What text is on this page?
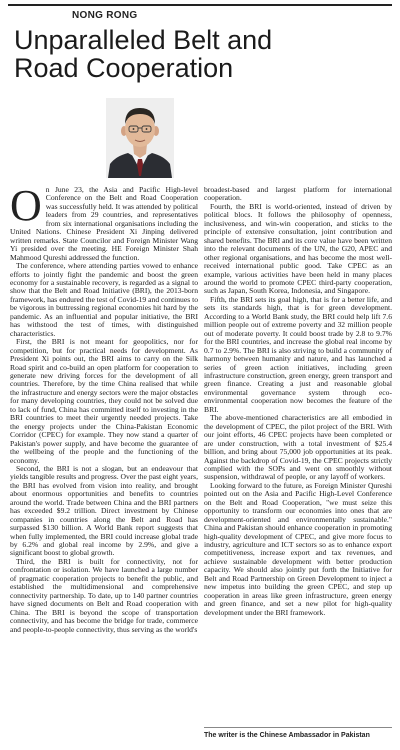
NONG RONG
Unparalleled Belt and
Road Cooperation

On June 23, the Asia and Pacific High-level Conference on the Belt and Road Cooperation was successfully held. It was attended by political leaders from 29 countries, and representatives from six international organisations including the United Nations. Chinese President Xi Jinping delivered written remarks. State Councilor and Foreign Minister Wang Yi presided over the meeting. HE Foreign Minister Shah Mahmood Qureshi addressed the function.

The conference, where attending parties vowed to enhance efforts to jointly fight the pandemic and boost the green economy for a sustainable recovery, is regarded as a signal to show that the Belt and Road Initiative (BRI), the 2013-born framework, has endured the test of Covid-19 and continues to be vigorous in buttressing regional economies hit hard by the pandemic. As an influential and popular initiative, the BRI has withstood the test of times, with distinguished characteristics.

First, the BRI is not meant for geopolitics, nor for competition, but for practical needs for development. As President Xi points out, the BRI aims to carry on the Silk Road spirit and co-build an open platform for cooperation to generate new driving forces for the development of all countries. Therefore, by the time China realised that while the infrastructure and energy sectors were the major obstacles for many developing countries, they could not be solved due to lack of fund, China has committed itself to investing in the BRI countries to meet their urgently needed projects. Take the energy projects under the China-Pakistan Economic Corridor (CPEC) for example. They now stand a quarter of Pakistan's power supply, and have become the guarantee of the wellbeing of the people and the functioning of the economy.

Second, the BRI is not a slogan, but an endeavour that yields tangible results and progress. Over the past eight years, the BRI has evolved from vision into reality, and brought about enormous opportunities and benefits to countries around the world. Trade between China and the BRI partners has exceeded $9.2 trillion. Direct investment by Chinese companies in countries along the Belt and Road has surpassed $130 billion. A World Bank report suggests that when fully implemented, the BRI could increase global trade by 6.2% and global real income by 2.9%, and give a significant boost to global growth.

Third, the BRI is built for connectivity, not for confrontation or isolation. We have launched a large number of pragmatic cooperation projects to benefit the public, and established the multidimensional and comprehensive connectivity partnership. To date, up to 140 partner countries have signed documents on Belt and Road cooperation with China. The BRI is beyond the scope of transportation connectivity, and has become the bridge for trade, commerce and people-to-people connectivity, thus serving as the world's

broadest-based and largest platform for international cooperation.

Fourth, the BRI is world-oriented, instead of driven by political blocs. It follows the philosophy of openness, inclusiveness, and win-win cooperation, and sticks to the principle of extensive consultation, joint contribution and shared benefits. The BRI and its core value have been written into the relevant documents of the UN, the G20, APEC and other regional organisations, and has become the most well-received international public good. Take CPEC as an example, various activities have been held in many places around the world to promote CPEC third-party cooperation, such as Japan, South Korea, Indonesia, and Singapore.

Fifth, the BRI sets its goal high, that is for a better life, and sets its standards high, that is for green development. According to a World Bank study, the BRI could help lift 7.6 million people out of extreme poverty and 32 million people out of moderate poverty. It could boost trade by 2.8 to 9.7% for the BRI countries, and increase the global real income by 0.7 to 2.9%. The BRI is also striving to build a community of harmony between humanity and nature, and has launched a series of green action initiatives, including green infrastructure construction, green energy, green transport and green finance. Creating a just and reasonable global environmental governance system through eco-environmental cooperation now becomes the feature of the BRI.

The above-mentioned characteristics are all embodied in the development of CPEC, the pilot project of the BRI. With our joint efforts, 46 CPEC projects have been completed or are under construction, with a total investment of $25.4 billion, and bring about 75,000 job opportunities at its peak. Against the backdrop of Covid-19, the CPEC projects strictly complied with the SOPs and went on smoothly without suspension, withdrawal of people, or any layoff of workers.

Looking forward to the future, as Foreign Minister Qureshi pointed out on the Asia and Pacific High-Level Conference on the Belt and Road Cooperation, "we must seize this opportunity to transform our economies into ones that are development-oriented and environmentally sustainable." China and Pakistan should enhance cooperation in promoting high-quality development of CPEC, and give more focus to industry, agriculture and ICT sectors so as to enhance export competitiveness, increase export and tax revenues, and achieve sustainable development with better production capacity. We should also jointly put forth the Initiative for Belt and Road Partnership on Green Development to inject a new impetus into building the green CPEC, and step up cooperation in areas like green infrastructure, green energy and green finance, and set a new pilot for high-quality development under the BRI framework.

The writer is the Chinese Ambassador in Pakistan
